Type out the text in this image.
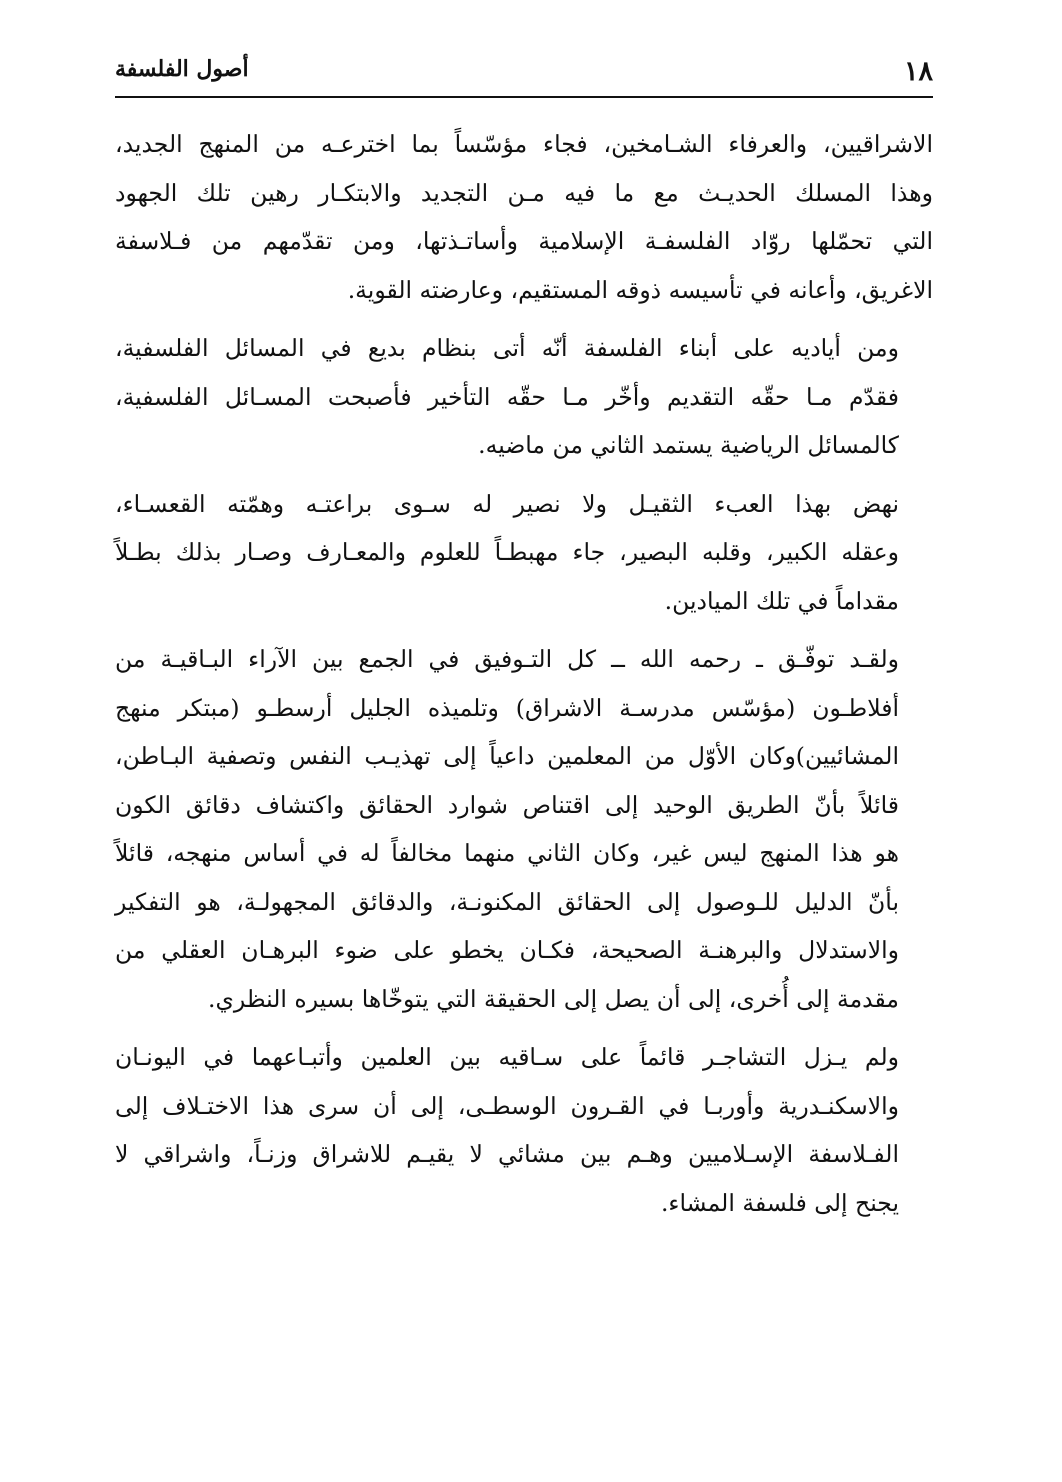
١٨
أصول الفلسفة

الاشراقيين، والعرفاء الشـامخين، فجاء مؤسّساً بما اخترعـه من المنهج الجديد،
وهذا المسلك الحديـث مع ما فيه مـن التجديد والابتكـار رهين تلك الجهود
التي تحمّلها روّاد الفلسفـة الإسلامية وأساتـذتها، ومن تقدّمهم من فـلاسفة
الاغريق، وأعانه في تأسيسه ذوقه المستقيم، وعارضته القوية.

ومن أياديه على أبناء الفلسفة أنّه أتى بنظام بديع في المسائل الفلسفية،
فقدّم مـا حقّه التقديم وأخّر مـا حقّه التأخير فأصبحت المسـائل الفلسفية،
كالمسائل الرياضية يستمد الثاني من ماضيه.

نهض بهذا العبء الثقيـل ولا نصير له سـوى براعتـه وهمّته القعسـاء،
وعقله الكبير، وقلبه البصير، جاء مهبطـاً للعلوم والمعـارف وصـار بذلك بطـلاً
مقداماً في تلك الميادين.

ولقـد توفّـق ـ رحمه الله ــ كل التـوفيق في الجمع بين الآراء البـاقيـة من
أفلاطـون (مؤسّس مدرسـة الاشراق) وتلميذه الجليل أرسطـو (مبتكر منهج
المشائيين)وكان الأوّل من المعلمين داعياً إلى تهذيـب النفس وتصفية البـاطن،
قائلاً بأنّ الطريق الوحيد إلى اقتناص شوارد الحقائق واكتشاف دقائق الكون
هو هذا المنهج ليس غير، وكان الثاني منهما مخالفاً له في أساس منهجه، قائلاً
بأنّ الدليل للـوصول إلى الحقائق المكنونـة، والدقائق المجهولـة، هو التفكير
والاستدلال والبرهنـة الصحيحة، فكـان يخطو على ضوء البرهـان العقلي من
مقدمة إلى أُخرى، إلى أن يصل إلى الحقيقة التي يتوخّاها بسيره النظري.

ولم يـزل التشاجـر قائماً على سـاقيه بين العلمين وأتبـاعهما في اليونـان
والاسكنـدرية وأوربـا في القـرون الوسطـى، إلى أن سرى هذا الاختـلاف إلى
الفـلاسفة الإسـلاميين وهـم بين مشائي لا يقيـم للاشراق وزنـاً، واشراقي لا
يجنح إلى فلسفة المشاء.
